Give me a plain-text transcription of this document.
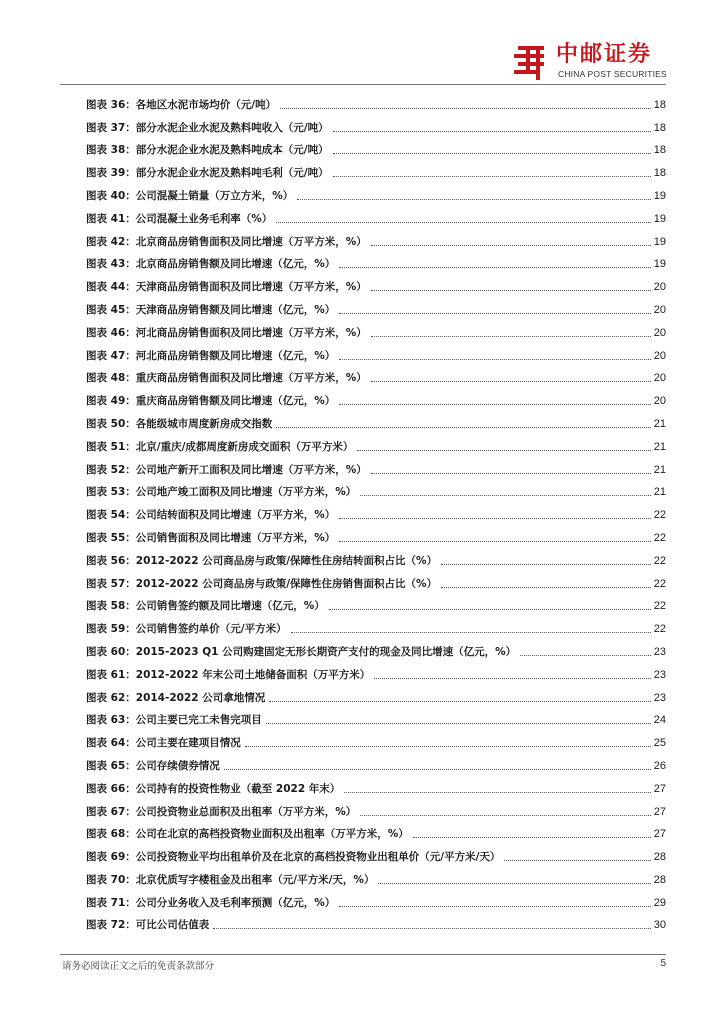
中邮证券
CHINA POST SECURITIES
图表 36：各地区水泥市场均价（元/吨）	18
图表 37：部分水泥企业水泥及熟料吨收入（元/吨）	18
图表 38：部分水泥企业水泥及熟料吨成本（元/吨）	18
图表 39：部分水泥企业水泥及熟料吨毛利（元/吨）	18
图表 40：公司混凝土销量（万立方米，%）	19
图表 41：公司混凝土业务毛利率（%）	19
图表 42：北京商品房销售面积及同比增速（万平方米，%）	19
图表 43：北京商品房销售额及同比增速（亿元，%）	19
图表 44：天津商品房销售面积及同比增速（万平方米，%）	20
图表 45：天津商品房销售额及同比增速（亿元，%）	20
图表 46：河北商品房销售面积及同比增速（万平方米，%）	20
图表 47：河北商品房销售额及同比增速（亿元，%）	20
图表 48：重庆商品房销售面积及同比增速（万平方米，%）	20
图表 49：重庆商品房销售额及同比增速（亿元，%）	20
图表 50：各能级城市周度新房成交指数	21
图表 51：北京/重庆/成都周度新房成交面积（万平方米）	21
图表 52：公司地产新开工面积及同比增速（万平方米，%）	21
图表 53：公司地产竣工面积及同比增速（万平方米，%）	21
图表 54：公司结转面积及同比增速（万平方米，%）	22
图表 55：公司销售面积及同比增速（万平方米，%）	22
图表 56：2012-2022 公司商品房与政策/保障性住房结转面积占比（%）	22
图表 57：2012-2022 公司商品房与政策/保障性住房销售面积占比（%）	22
图表 58：公司销售签约额及同比增速（亿元，%）	22
图表 59：公司销售签约单价（元/平方米）	22
图表 60：2015-2023 Q1 公司购建固定无形长期资产支付的现金及同比增速（亿元，%）	23
图表 61：2012-2022 年末公司土地储备面积（万平方米）	23
图表 62：2014-2022 公司拿地情况	23
图表 63：公司主要已完工未售完项目	24
图表 64：公司主要在建项目情况	25
图表 65：公司存续债券情况	26
图表 66：公司持有的投资性物业（截至 2022 年末）	27
图表 67：公司投资物业总面积及出租率（万平方米，%）	27
图表 68：公司在北京的高档投资物业面积及出租率（万平方米，%）	27
图表 69：公司投资物业平均出租单价及在北京的高档投资物业出租单价（元/平方米/天）	28
图表 70：北京优质写字楼租金及出租率（元/平方米/天，%）	28
图表 71：公司分业务收入及毛利率预测（亿元，%）	29
图表 72：可比公司估值表	30
请务必阅读正文之后的免责条款部分	5
